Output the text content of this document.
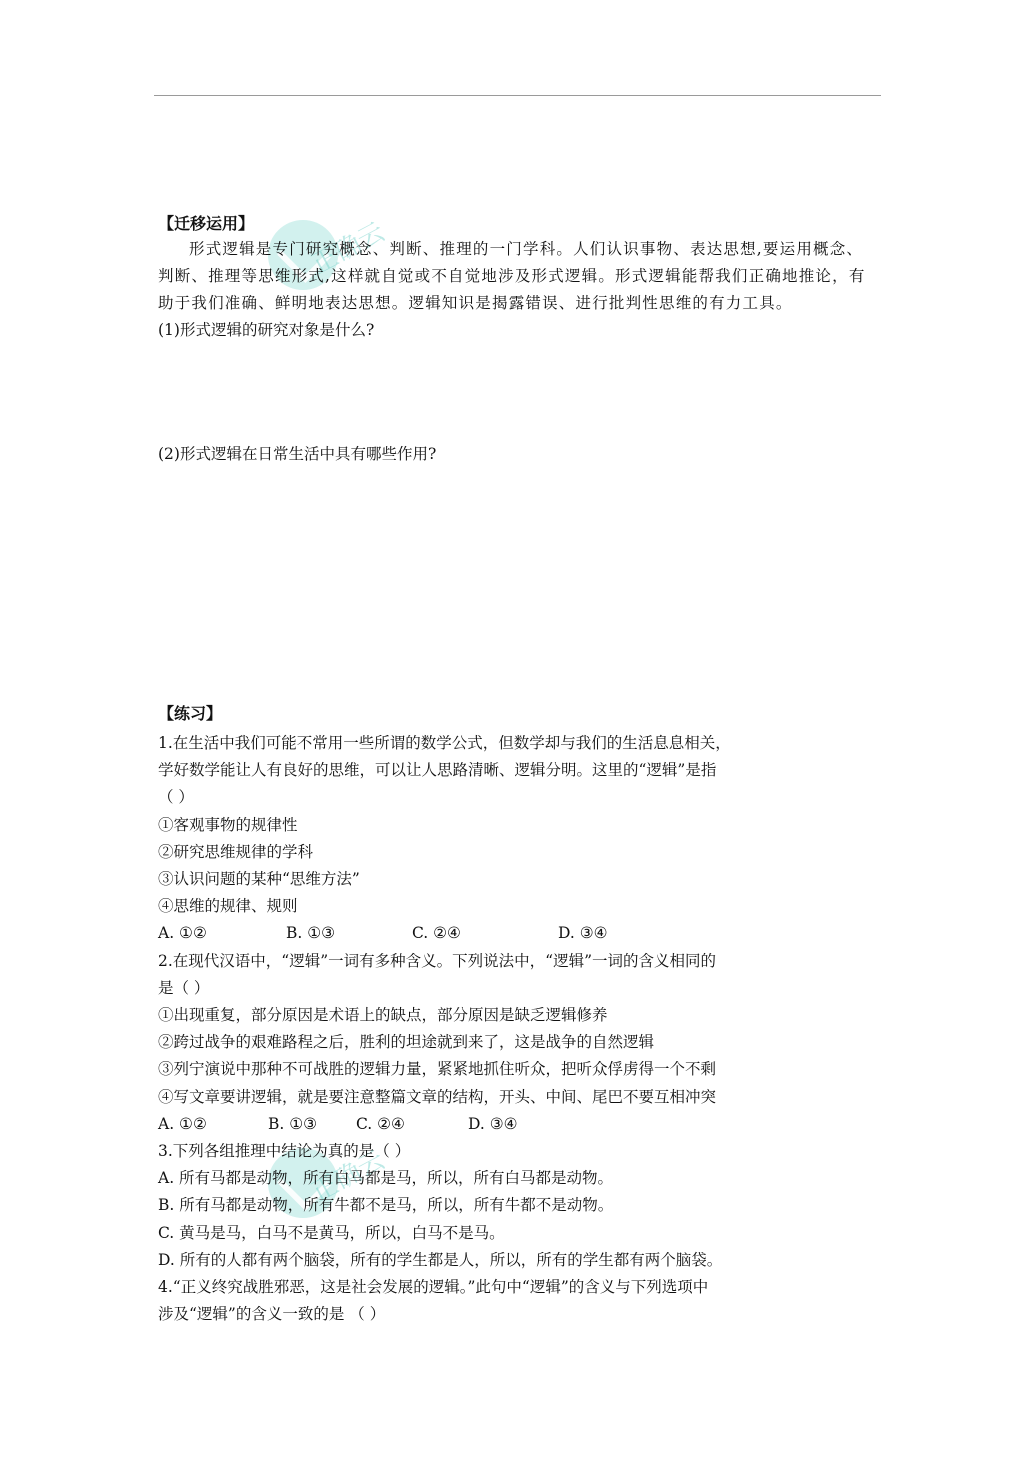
正确云
正确云

【迁移运用】

形式逻辑是专门研究概念、判断、推理的一门学科。人们认识事物、表达思想,要运用概念、判断、推理等思维形式,这样就自觉或不自觉地涉及形式逻辑。形式逻辑能帮我们正确地推论，有助于我们准确、鲜明地表达思想。逻辑知识是揭露错误、进行批判性思维的有力工具。

(1)形式逻辑的研究对象是什么?

(2)形式逻辑在日常生活中具有哪些作用?

【练习】

1.在生活中我们可能不常用一些所谓的数学公式，但数学却与我们的生活息息相关，

学好数学能让人有良好的思维，可以让人思路清晰、逻辑分明。这里的“逻辑”是指

（ ）

①客观事物的规律性

②研究思维规律的学科

③认识问题的某种“思维方法”

④思维的规律、规则

A. ①②	B. ①③	C. ②④	D. ③④

2.在现代汉语中，“逻辑”一词有多种含义。下列说法中，“逻辑”一词的含义相同的

是（ ）

①出现重复，部分原因是术语上的缺点，部分原因是缺乏逻辑修养

②跨过战争的艰难路程之后，胜利的坦途就到来了，这是战争的自然逻辑

③列宁演说中那种不可战胜的逻辑力量，紧紧地抓住听众，把听众俘虏得一个不剩

④写文章要讲逻辑，就是要注意整篇文章的结构，开头、中间、尾巴不要互相冲突

A. ①②	B. ①③	C. ②④	D. ③④

3.下列各组推理中结论为真的是（ ）

A. 所有马都是动物，所有白马都是马，所以，所有白马都是动物。

B. 所有马都是动物，所有牛都不是马，所以，所有牛都不是动物。

C. 黄马是马，白马不是黄马，所以，白马不是马。

D. 所有的人都有两个脑袋，所有的学生都是人，所以，所有的学生都有两个脑袋。

4.“正义终究战胜邪恶，这是社会发展的逻辑。”此句中“逻辑”的含义与下列选项中

涉及“逻辑”的含义一致的是 （ ）
